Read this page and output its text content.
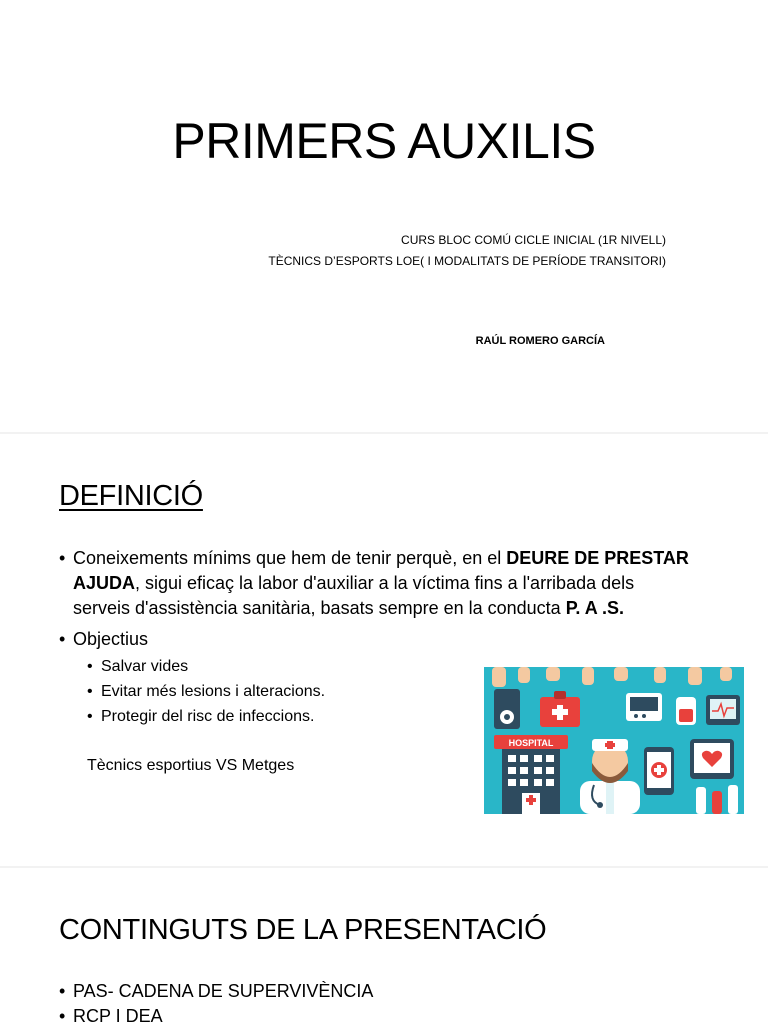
PRIMERS AUXILIS
CURS BLOC COMÚ CICLE INICIAL (1R NIVELL)
TÈCNICS D’ESPORTS LOE( I MODALITATS DE PERÍODE TRANSITORI)
RAÚL ROMERO GARCÍA
DEFINICIÓ
• Coneixements mínims que hem de tenir perquè, en el DEURE DE PRESTAR AJUDA, sigui eficaç la labor d'auxiliar a la víctima fins a l'arribada dels serveis d'assistència sanitària, basats sempre en la conducta P. A .S.
• Objectius
• Salvar vides
• Evitar més lesions i alteracions.
• Protegir del risc de infeccions.
Tècnics esportius VS Metges
HOSPITAL
CONTINGUTS DE LA PRESENTACIÓ
• PAS- CADENA DE SUPERVIVÈNCIA
• RCP I DEA
